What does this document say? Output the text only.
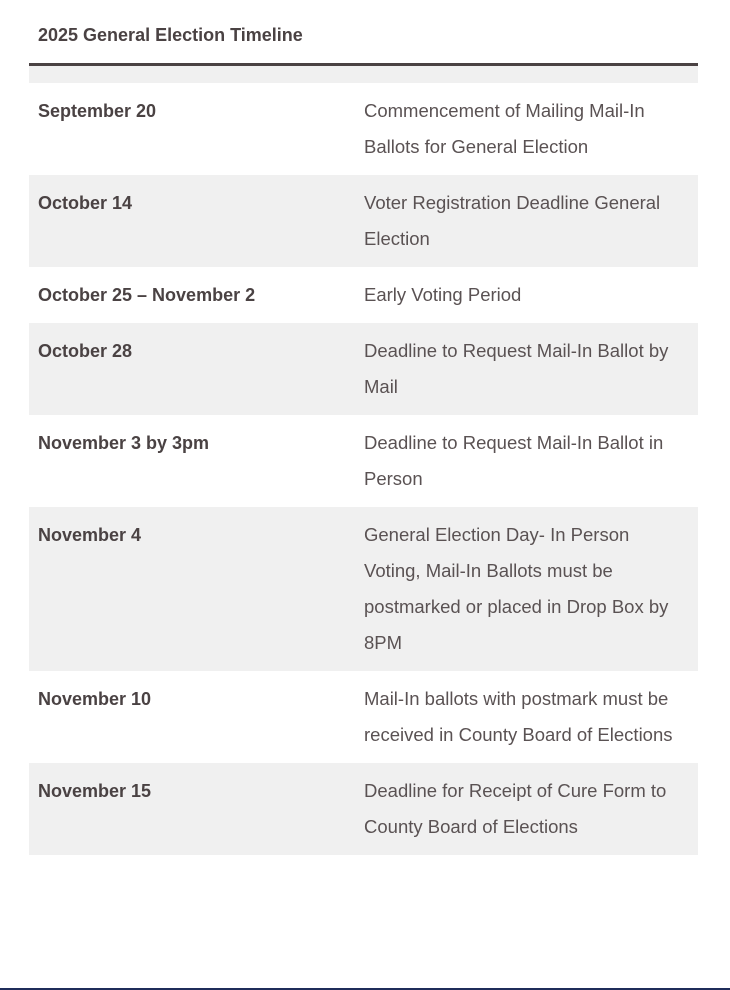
2025 General Election Timeline
September 20	Commencement of Mailing Mail-In Ballots for General Election
October 14	Voter Registration Deadline General Election
October 25 – November 2	Early Voting Period
October 28	Deadline to Request Mail-In Ballot by Mail
November 3 by 3pm	Deadline to Request Mail-In Ballot in Person
November 4	General Election Day- In Person Voting, Mail-In Ballots must be postmarked or placed in Drop Box by 8PM
November 10	Mail-In ballots with postmark must be received in County Board of Elections
November 15	Deadline for Receipt of Cure Form to County Board of Elections
